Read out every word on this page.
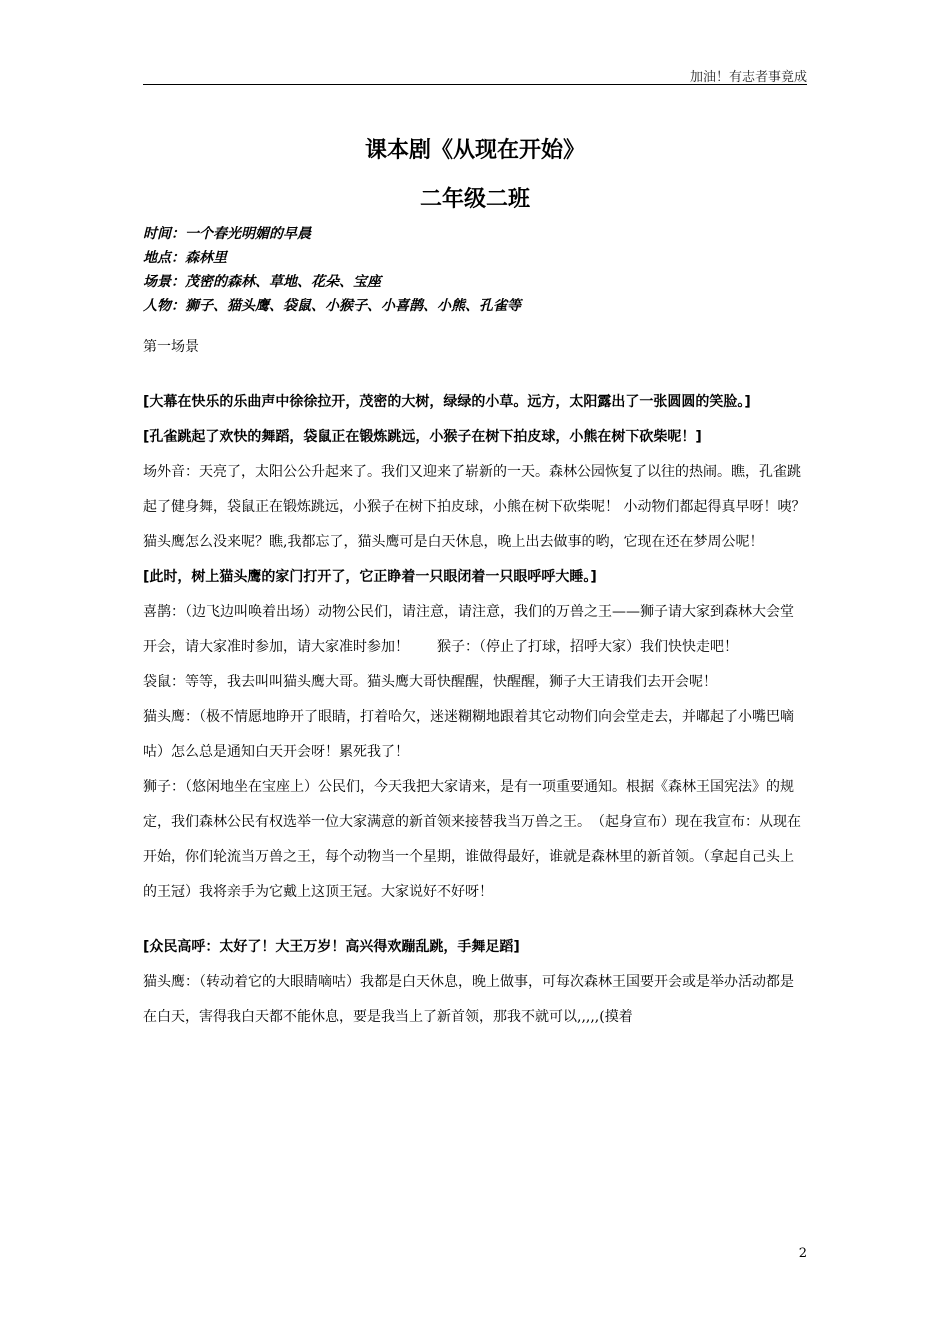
加油！有志者事竟成
课本剧《从现在开始》
二年级二班
时间：一个春光明媚的早晨
地点：森林里
场景：茂密的森林、草地、花朵、宝座
人物：狮子、猫头鹰、袋鼠、小猴子、小喜鹊、小熊、孔雀等
第一场景
[大幕在快乐的乐曲声中徐徐拉开，茂密的大树，绿绿的小草。远方，太阳露出了一张圆圆的笑脸。]
[孔雀跳起了欢快的舞蹈，袋鼠正在锻炼跳远，小猴子在树下拍皮球，小熊在树下砍柴呢！]
场外音：天亮了，太阳公公升起来了。我们又迎来了崭新的一天。森林公园恢复了以往的热闹。瞧，孔雀跳起了健身舞，袋鼠正在锻炼跳远，小猴子在树下拍皮球，小熊在树下砍柴呢！ 小动物们都起得真早呀！咦？猫头鹰怎么没来呢？瞧,我都忘了，猫头鹰可是白天休息，晚上出去做事的哟，它现在还在梦周公呢！
[此时，树上猫头鹰的家门打开了，它正睁着一只眼闭着一只眼呼呼大睡。]
喜鹊：（边飞边叫唤着出场）动物公民们，请注意，请注意，我们的万兽之王——狮子请大家到森林大会堂开会，请大家准时参加，请大家准时参加！　　猴子：（停止了打球，招呼大家）我们快快走吧！
袋鼠：等等，我去叫叫猫头鹰大哥。猫头鹰大哥快醒醒，快醒醒，狮子大王请我们去开会呢！
猫头鹰：（极不情愿地睁开了眼睛，打着哈欠，迷迷糊糊地跟着其它动物们向会堂走去，并嘟起了小嘴巴嘀咕）怎么总是通知白天开会呀！累死我了！
狮子：（悠闲地坐在宝座上）公民们，今天我把大家请来，是有一项重要通知。根据《森林王国宪法》的规定，我们森林公民有权选举一位大家满意的新首领来接替我当万兽之王。　（起身宣布）现在我宣布：从现在开始，你们轮流当万兽之王，每个动物当一个星期，谁做得最好，谁就是森林里的新首领。（拿起自己头上的王冠）我将亲手为它戴上这顶王冠。大家说好不好呀！
[众民高呼：太好了！大王万岁！高兴得欢蹦乱跳，手舞足蹈]
猫头鹰：（转动着它的大眼睛嘀咕）我都是白天休息，晚上做事，可每次森林王国要开会或是举办活动都是在白天，害得我白天都不能休息，要是我当上了新首领，那我不就可以,,,,,(摸着
2
